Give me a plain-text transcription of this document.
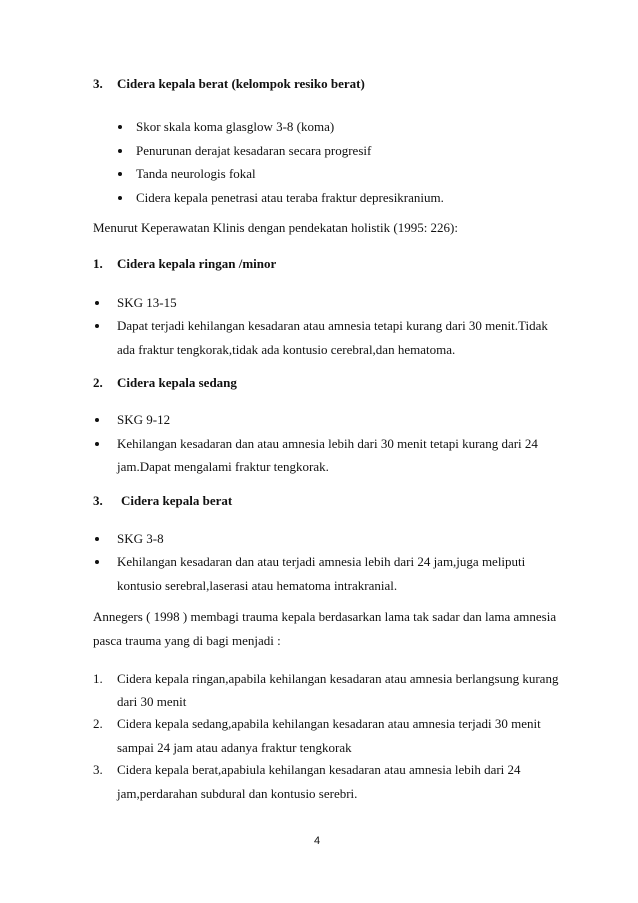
3. Cidera kepala berat (kelompok resiko berat)
Skor skala koma glasglow 3-8 (koma)
Penurunan derajat kesadaran secara progresif
Tanda neurologis fokal
Cidera kepala penetrasi atau teraba fraktur depresikranium.
Menurut Keperawatan Klinis dengan pendekatan holistik (1995: 226):
1. Cidera kepala ringan /minor
SKG 13-15
Dapat terjadi kehilangan kesadaran atau amnesia tetapi kurang dari 30 menit.Tidak
ada fraktur tengkorak,tidak ada kontusio cerebral,dan hematoma.
2. Cidera kepala sedang
SKG 9-12
Kehilangan kesadaran dan atau amnesia lebih dari 30 menit tetapi kurang dari 24
jam.Dapat mengalami fraktur tengkorak.
3. Cidera kepala berat
SKG 3-8
Kehilangan kesadaran dan atau terjadi amnesia lebih dari 24 jam,juga meliputi
kontusio serebral,laserasi atau hematoma intrakranial.
Annegers ( 1998 ) membagi trauma kepala berdasarkan lama tak sadar dan lama amnesia
pasca trauma yang di bagi menjadi :
1. Cidera kepala ringan,apabila kehilangan kesadaran atau amnesia berlangsung kurang
dari 30 menit
2. Cidera kepala sedang,apabila kehilangan kesadaran atau amnesia terjadi 30 menit
sampai 24 jam atau adanya fraktur tengkorak
3. Cidera kepala berat,apabiula kehilangan kesadaran atau amnesia lebih dari 24
jam,perdarahan subdural dan kontusio serebri.
4
